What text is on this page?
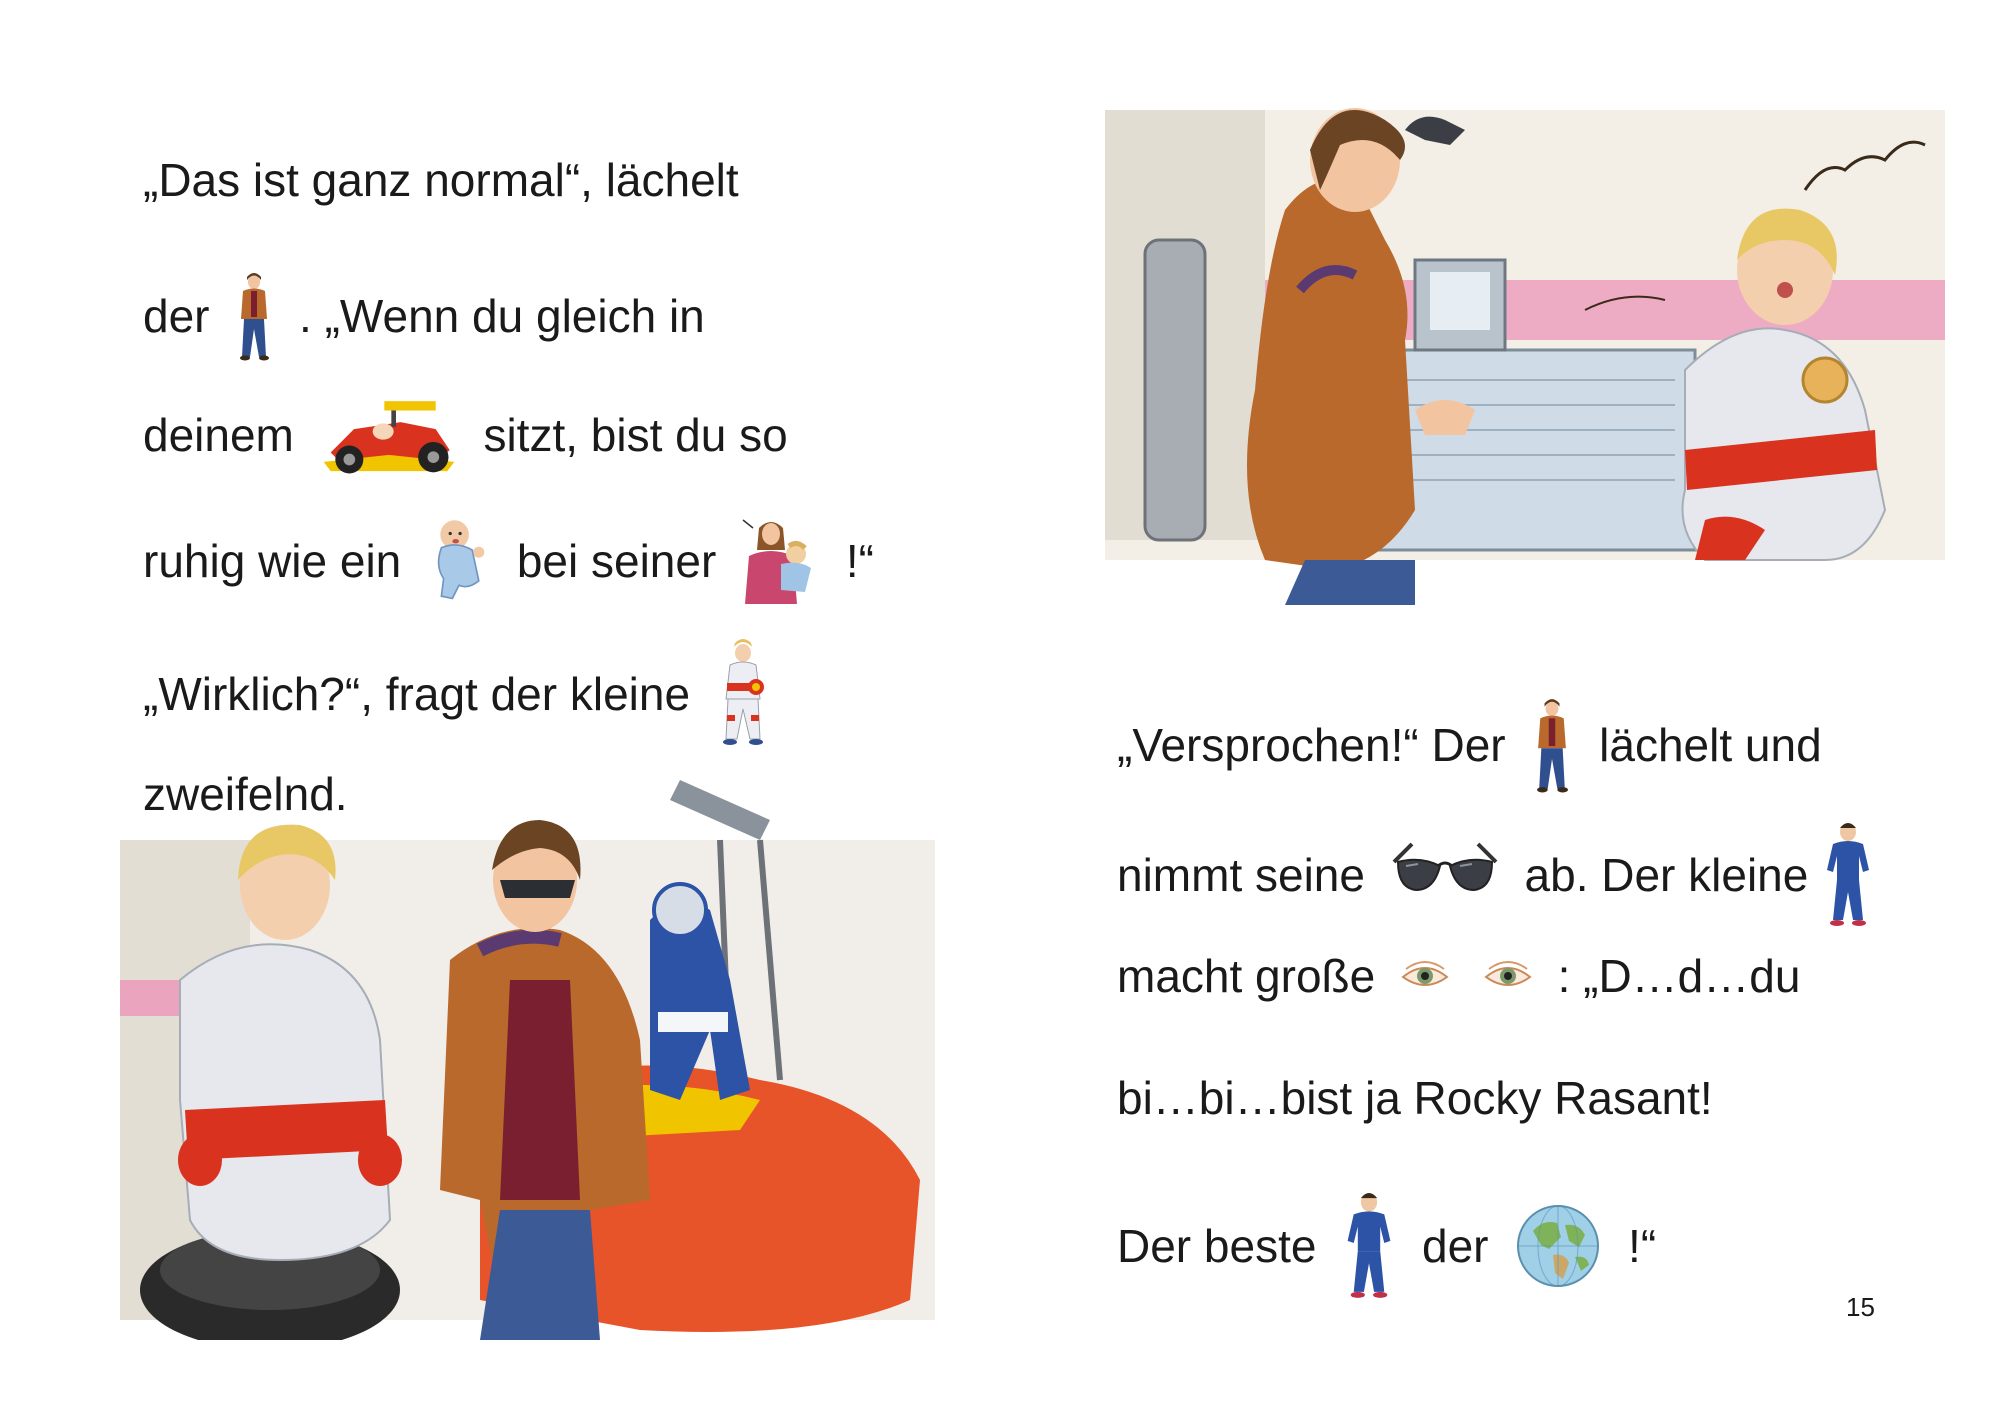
„Das ist ganz normal“, lächelt
der . „Wenn du gleich in
deinem	sitzt, bist du so
ruhig wie ein	bei seiner	!“
„Wirklich?“, fragt der kleine
zweifelnd.
„Versprochen!“ Der lächelt und
nimmt seine	ab. Der kleine
macht große
	: „D…d…du
bi…bi…bist ja Rocky Rasant!
Der beste der	!“
15
